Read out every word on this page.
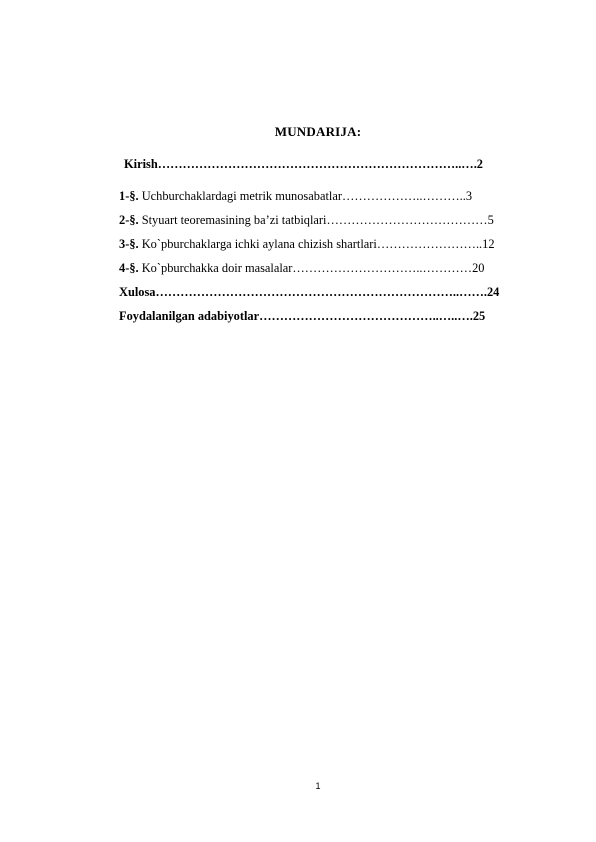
MUNDARIJA:
Kirish………………………………………………………………..….2
1-§. Uchburchaklardagi metrik munosabatlar………………..………..3
2-§. Styuart teoremasining ba’zi tatbiqlari…………………………………5
3-§. Ko`pburchaklarga ichki aylana chizish shartlari……………………..12
4-§. Ko`pburchakka doir masalalar…………………………..…………20
Xulosa………………………………………………………………..…….24
Foydalanilgan adabiyotlar……………………………………..…..….25
1
